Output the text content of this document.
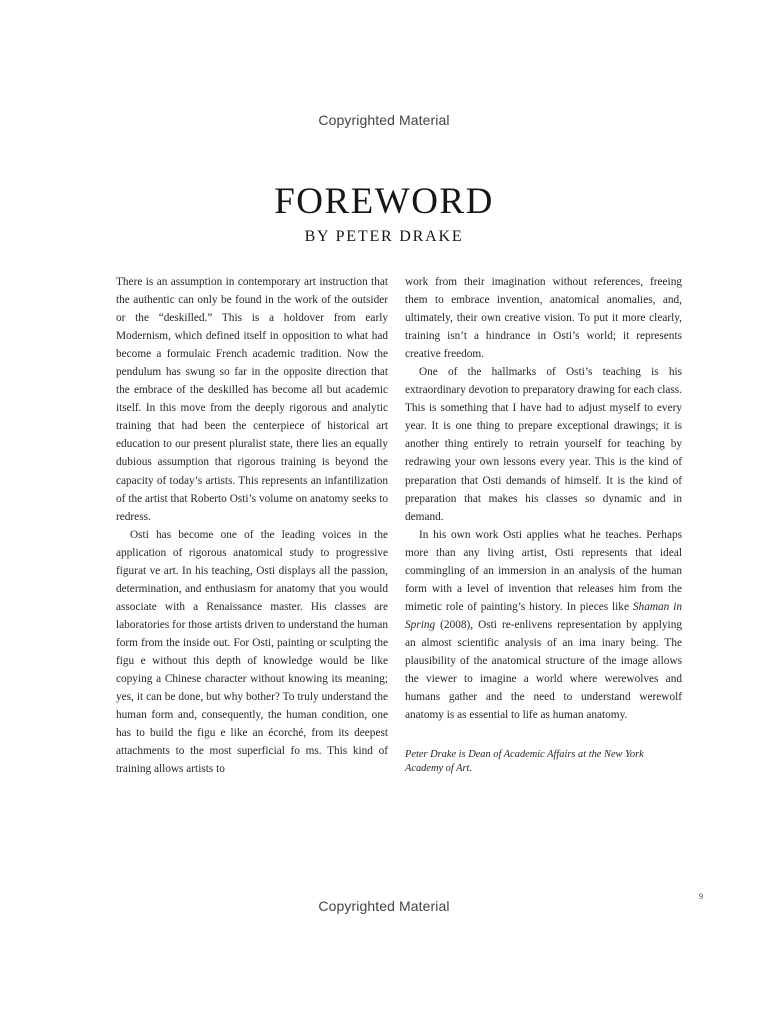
Copyrighted Material
FOREWORD
BY PETER DRAKE

There is an assumption in contemporary art instruction that the authentic can only be found in the work of the outsider or the “deskilled.” This is a holdover from early Modernism, which defined itself in opposition to what had become a formulaic French academic tradition. Now the pendulum has swung so far in the opposite direction that the embrace of the deskilled has become all but academic itself. In this move from the deeply rigorous and analytic training that had been the centerpiece of historical art education to our present pluralist state, there lies an equally dubious assumption that rigorous training is beyond the capacity of today’s artists. This represents an infantilization of the artist that Roberto Osti’s volume on anatomy seeks to redress.

Osti has become one of the leading voices in the application of rigorous anatomical study to progressive figurat ve art. In his teaching, Osti displays all the passion, determination, and enthusiasm for anatomy that you would associate with a Renaissance master. His classes are laboratories for those artists driven to understand the human form from the inside out. For Osti, painting or sculpting the figu e without this depth of knowledge would be like copying a Chinese character without knowing its meaning; yes, it can be done, but why bother? To truly understand the human form and, consequently, the human condition, one has to build the figu e like an écorché, from its deepest attachments to the most superficial fo ms. This kind of training allows artists to

work from their imagination without references, freeing them to embrace invention, anatomical anomalies, and, ultimately, their own creative vision. To put it more clearly, training isn’t a hindrance in Osti’s world; it represents creative freedom.

One of the hallmarks of Osti’s teaching is his extraordinary devotion to preparatory drawing for each class. This is something that I have had to adjust myself to every year. It is one thing to prepare exceptional drawings; it is another thing entirely to retrain yourself for teaching by redrawing your own lessons every year. This is the kind of preparation that Osti demands of himself. It is the kind of preparation that makes his classes so dynamic and in demand.

In his own work Osti applies what he teaches. Perhaps more than any living artist, Osti represents that ideal commingling of an immersion in an analysis of the human form with a level of invention that releases him from the mimetic role of painting’s history. In pieces like Shaman in Spring (2008), Osti re-enlivens representation by applying an almost scientific analysis of an ima inary being. The plausibility of the anatomical structure of the image allows the viewer to imagine a world where werewolves and humans gather and the need to understand werewolf anatomy is as essential to life as human anatomy.

Peter Drake is Dean of Academic Affairs at the New York Academy of Art.

9
Copyrighted Material
